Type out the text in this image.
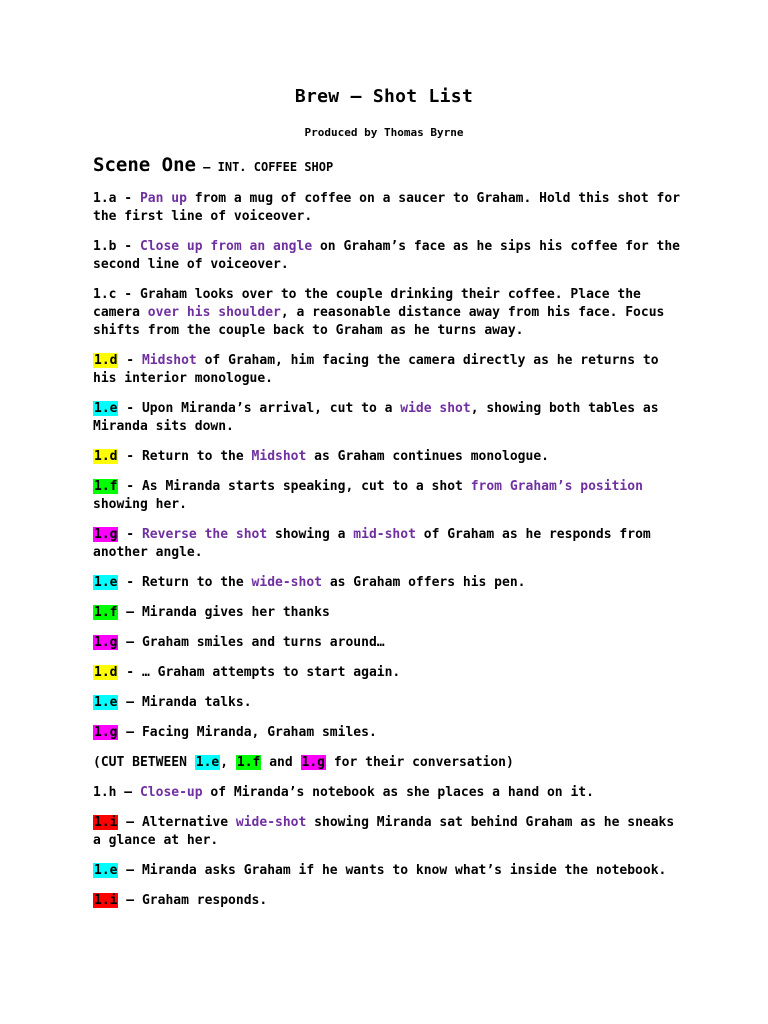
Brew – Shot List
Produced by Thomas Byrne
Scene One – INT. COFFEE SHOP

1.a - Pan up from a mug of coffee on a saucer to Graham. Hold this shot for the first line of voiceover.

1.b - Close up from an angle on Graham’s face as he sips his coffee for the second line of voiceover.

1.c - Graham looks over to the couple drinking their coffee. Place the camera over his shoulder, a reasonable distance away from his face. Focus shifts from the couple back to Graham as he turns away.

1.d - Midshot of Graham, him facing the camera directly as he returns to his interior monologue.

1.e - Upon Miranda’s arrival, cut to a wide shot, showing both tables as Miranda sits down.

1.d - Return to the Midshot as Graham continues monologue.

1.f - As Miranda starts speaking, cut to a shot from Graham’s position showing her.

1.g - Reverse the shot showing a mid-shot of Graham as he responds from another angle.

1.e - Return to the wide-shot as Graham offers his pen.

1.f – Miranda gives her thanks

1.g – Graham smiles and turns around…

1.d - … Graham attempts to start again.

1.e – Miranda talks.

1.g – Facing Miranda, Graham smiles.

(CUT BETWEEN 1.e, 1.f and 1.g for their conversation)

1.h – Close-up of Miranda’s notebook as she places a hand on it.

1.i – Alternative wide-shot showing Miranda sat behind Graham as he sneaks a glance at her.

1.e – Miranda asks Graham if he wants to know what’s inside the notebook.

1.i – Graham responds.
